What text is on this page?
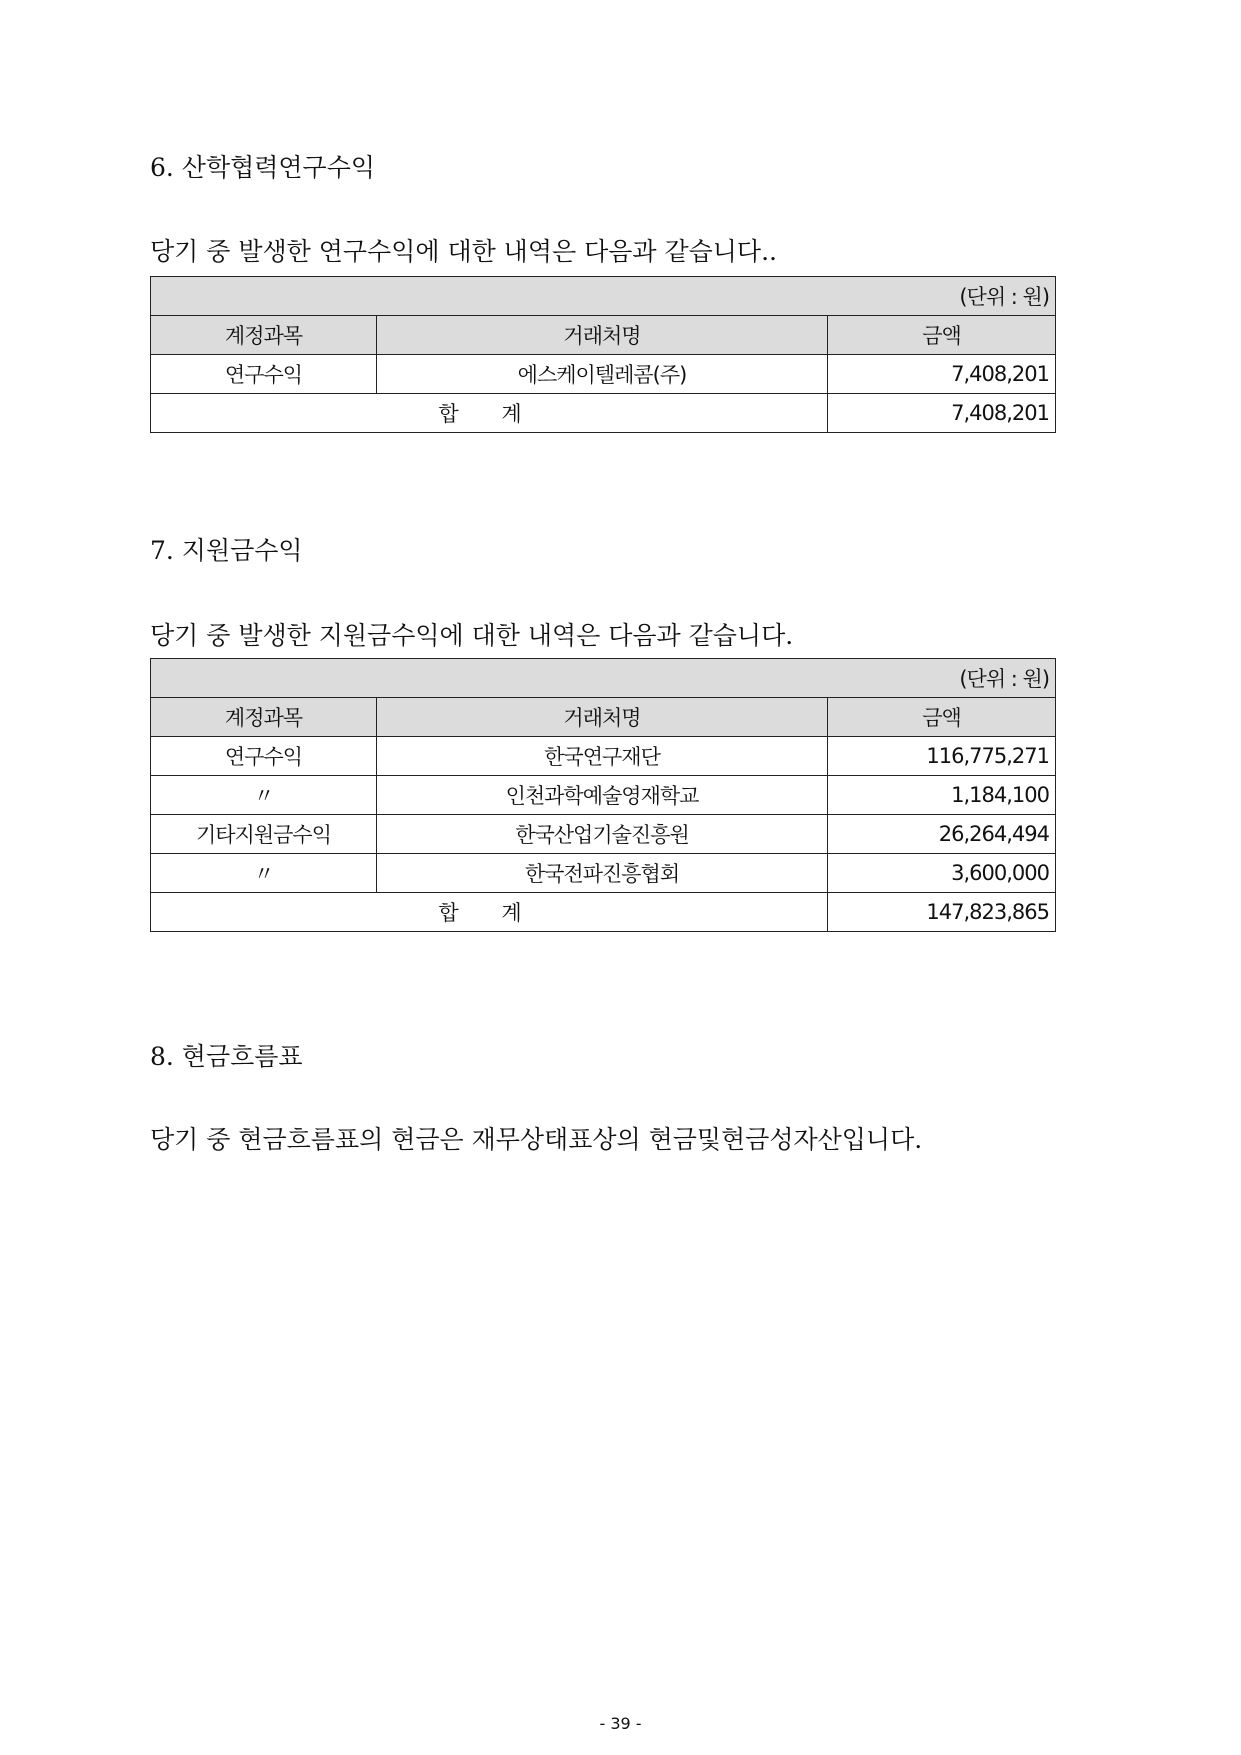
6. 산학협력연구수익
당기 중 발생한 연구수익에 대한 내역은 다음과 같습니다..
(단위 : 원)		
계정과목	거래처명	금액
연구수익	에스케이텔레콤(주)	7,408,201
합 계		7,408,201
7. 지원금수익
당기 중 발생한 지원금수익에 대한 내역은 다음과 같습니다.
(단위 : 원)		
계정과목	거래처명	금액
연구수익	한국연구재단	116,775,271
〃	인천과학예술영재학교	1,184,100
기타지원금수익	한국산업기술진흥원	26,264,494
〃	한국전파진흥협회	3,600,000
합 계		147,823,865
8. 현금흐름표
당기 중 현금흐름표의 현금은 재무상태표상의 현금및현금성자산입니다.
- 39 -
